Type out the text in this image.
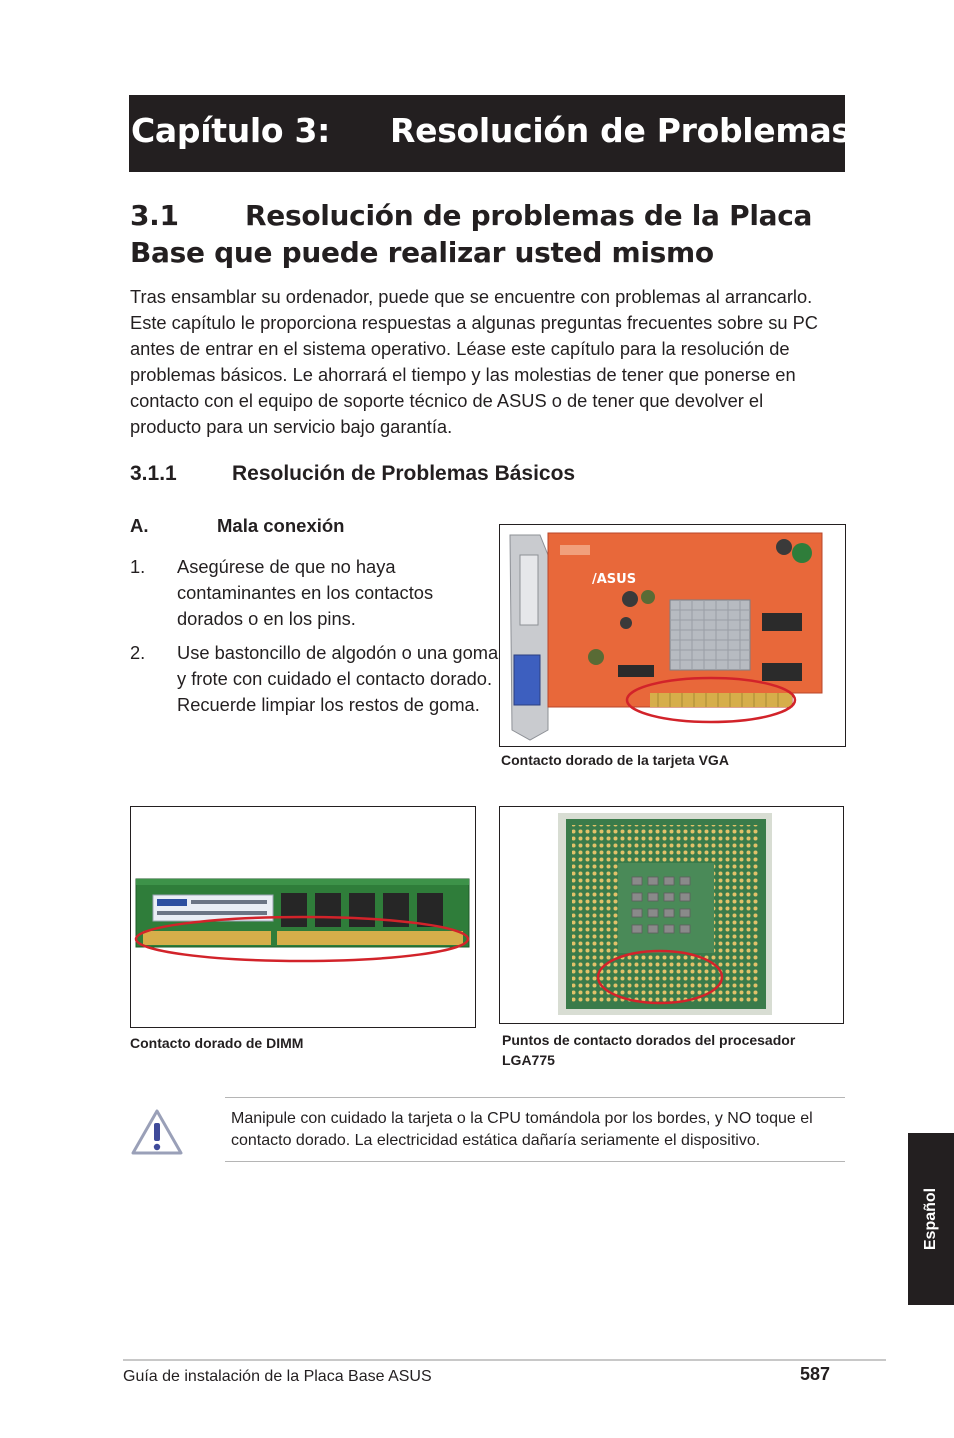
Capítulo 3: Resolución de Problemas
3.1 Resolución de problemas de la Placa
Base que puede realizar usted mismo

Tras ensamblar su ordenador, puede que se encuentre con problemas al arrancarlo. Este capítulo le proporciona respuestas a algunas preguntas frecuentes sobre su PC antes de entrar en el sistema operativo. Léase este capítulo para la resolución de problemas básicos. Le ahorrará el tiempo y las molestias de tener que ponerse en contacto con el equipo de soporte técnico de ASUS o de tener que devolver el producto para un servicio bajo garantía.

3.1.1	Resolución de Problemas Básicos
A.	Mala conexión
1. Asegúrese de que no haya contaminantes en los contactos dorados o en los pins.
2. Use bastoncillo de algodón o una goma y frote con cuidado el contacto dorado. Recuerde limpiar los restos de goma.
/ASUS
Contacto dorado de la tarjeta VGA
Contacto dorado de DIMM	Puntos de contacto dorados del procesador
LGA775
Manipule con cuidado la tarjeta o la CPU tomándola por los bordes, y NO toque el contacto dorado. La electricidad estática dañaría seriamente el dispositivo.
Español
Guía de instalación de la Placa Base ASUS	587
